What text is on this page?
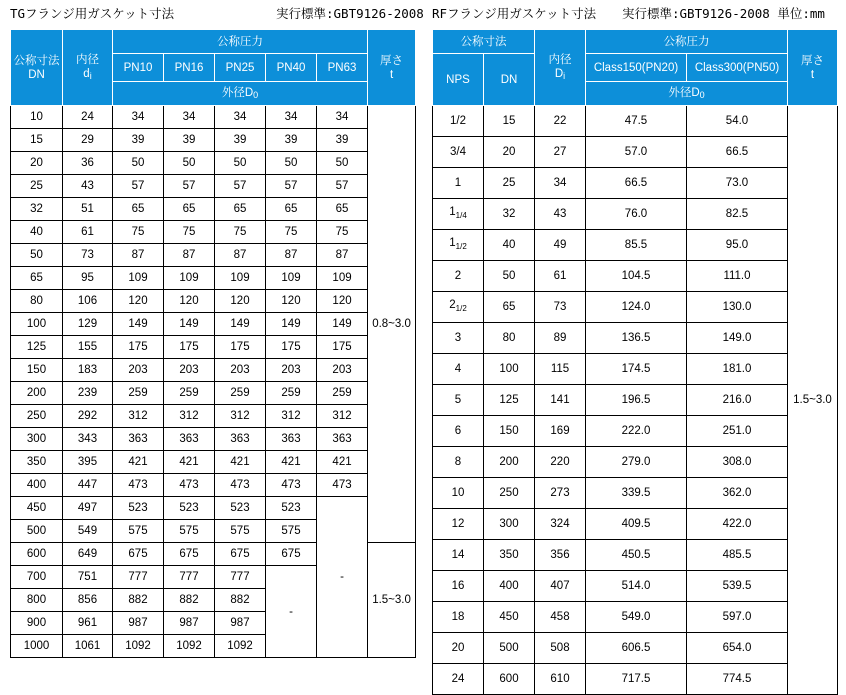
TGフランジ用ガスケット寸法	実行標準:GBT9126-2008 RFフランジ用ガスケット寸法 実行標準:GBT9126-2008 単位:mm
公称寸法
DN	内径
di	公称圧力					厚さ
t
		PN10	PN16	PN25	PN40	PN63	
		外径D0					
10	24	34	34	34	34	34	0.8~3.0
15	29	39	39	39	39	39	
20	36	50	50	50	50	50	
25	43	57	57	57	57	57	
32	51	65	65	65	65	65	
40	61	75	75	75	75	75	
50	73	87	87	87	87	87	
65	95	109	109	109	109	109	
80	106	120	120	120	120	120	
100	129	149	149	149	149	149	
125	155	175	175	175	175	175	
150	183	203	203	203	203	203	
200	239	259	259	259	259	259	
250	292	312	312	312	312	312	
300	343	363	363	363	363	363	
350	395	421	421	421	421	421	
400	447	473	473	473	473	473	
450	497	523	523	523	523	-	
500	549	575	575	575	575		
600	649	675	675	675	675		1.5~3.0
700	751	777	777	777	-		
800	856	882	882	882			
900	961	987	987	987			
1000	1061	1092	1092	1092			
公称寸法		内径
Di	公称圧力		厚さ
t
NPS	DN		Class150(PN20)	Class300(PN50)	
			外径D0		
1/2	15	22	47.5	54.0	1.5~3.0
3/4	20	27	57.0	66.5	
1	25	34	66.5	73.0	
$1_{1/4}$	32	43	76.0	82.5	
$1_{1/2}$	40	49	85.5	95.0	
2	50	61	104.5	111.0	
$2_{1/2}$	65	73	124.0	130.0	
3	80	89	136.5	149.0	
4	100	115	174.5	181.0	
5	125	141	196.5	216.0	
6	150	169	222.0	251.0	
8	200	220	279.0	308.0	
10	250	273	339.5	362.0	
12	300	324	409.5	422.0	
14	350	356	450.5	485.5	
16	400	407	514.0	539.5	
18	450	458	549.0	597.0	
20	500	508	606.5	654.0	
24	600	610	717.5	774.5	
